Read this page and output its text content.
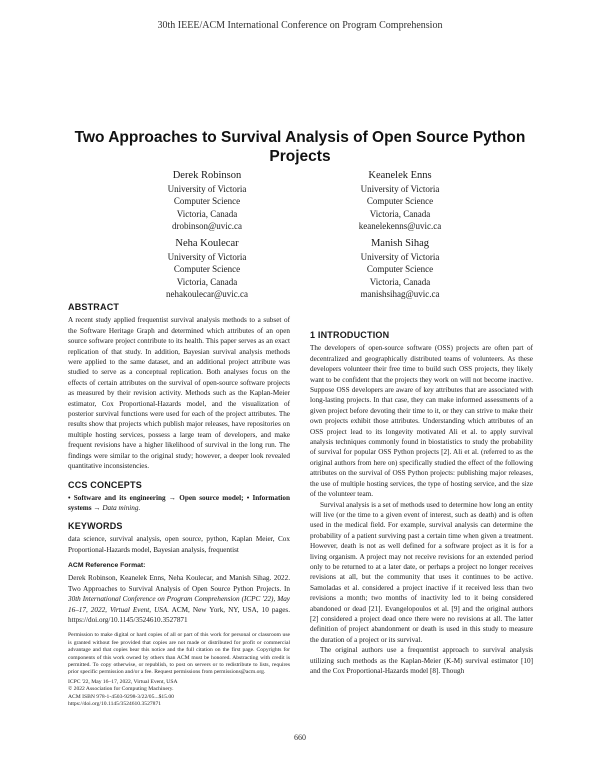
30th IEEE/ACM International Conference on Program Comprehension
Two Approaches to Survival Analysis of Open Source Python Projects
Derek Robinson
University of Victoria
Computer Science
Victoria, Canada
drobinson@uvic.ca
Keanelek Enns
University of Victoria
Computer Science
Victoria, Canada
keanelekenns@uvic.ca
Neha Koulecar
University of Victoria
Computer Science
Victoria, Canada
nehakoulecar@uvic.ca
Manish Sihag
University of Victoria
Computer Science
Victoria, Canada
manishsihag@uvic.ca
ABSTRACT

A recent study applied frequentist survival analysis methods to a subset of the Software Heritage Graph and determined which attributes of an open source software project contribute to its health. This paper serves as an exact replication of that study. In addition, Bayesian survival analysis methods were applied to the same dataset, and an additional project attribute was studied to serve as a conceptual replication. Both analyses focus on the effects of certain attributes on the survival of open-source software projects as measured by their revision activity. Methods such as the Kaplan-Meier estimator, Cox Proportional-Hazards model, and the visualization of posterior survival functions were used for each of the project attributes. The results show that projects which publish major releases, have repositories on multiple hosting services, possess a large team of developers, and make frequent revisions have a higher likelihood of survival in the long run. The findings were similar to the original study; however, a deeper look revealed quantitative inconsistencies.

CCS CONCEPTS

• Software and its engineering → Open source model; • Information systems → Data mining.

KEYWORDS

data science, survival analysis, open source, python, Kaplan Meier, Cox Proportional-Hazards model, Bayesian analysis, frequentist

ACM Reference Format:

Derek Robinson, Keanelek Enns, Neha Koulecar, and Manish Sihag. 2022. Two Approaches to Survival Analysis of Open Source Python Projects. In 30th International Conference on Program Comprehension (ICPC '22), May 16–17, 2022, Virtual Event, USA. ACM, New York, NY, USA, 10 pages. https://doi.org/10.1145/3524610.3527871

Permission to make digital or hard copies of all or part of this work for personal or classroom use is granted without fee provided that copies are not made or distributed for profit or commercial advantage and that copies bear this notice and the full citation on the first page. Copyrights for components of this work owned by others than ACM must be honored. Abstracting with credit is permitted. To copy otherwise, or republish, to post on servers or to redistribute to lists, requires prior specific permission and/or a fee. Request permissions from permissions@acm.org.
ICPC '22, May 16–17, 2022, Virtual Event, USA
© 2022 Association for Computing Machinery.
ACM ISBN 978-1-4503-9298-3/22/05...$15.00
https://doi.org/10.1145/3524610.3527871
1 INTRODUCTION

The developers of open-source software (OSS) projects are often part of decentralized and geographically distributed teams of volunteers. As these developers volunteer their free time to build such OSS projects, they likely want to be confident that the projects they work on will not become inactive. Suppose OSS developers are aware of key attributes that are associated with long-lasting projects. In that case, they can make informed assessments of a given project before devoting their time to it, or they can strive to make their own projects exhibit those attributes. Understanding which attributes of an OSS project lead to its longevity motivated Ali et al. to apply survival analysis techniques commonly found in biostatistics to study the probability of survival for popular OSS Python projects [2]. Ali et al. (referred to as the original authors from here on) specifically studied the effect of the following attributes on the survival of OSS Python projects: publishing major releases, the use of multiple hosting services, the type of hosting service, and the size of the volunteer team.

Survival analysis is a set of methods used to determine how long an entity will live (or the time to a given event of interest, such as death) and is often used in the medical field. For example, survival analysis can determine the probability of a patient surviving past a certain time when given a treatment. However, death is not as well defined for a software project as it is for a living organism. A project may not receive revisions for an extended period only to be returned to at a later date, or perhaps a project no longer receives revisions at all, but the community that uses it continues to be active. Samoladas et al. considered a project inactive if it received less than two revisions a month; two months of inactivity led to it being considered abandoned or dead [21]. Evangelopoulos et al. [9] and the original authors [2] considered a project dead once there were no revisions at all. The latter definition of project abandonment or death is used in this study to measure the duration of a project or its survival.

The original authors use a frequentist approach to survival analysis utilizing such methods as the Kaplan-Meier (K-M) survival estimator [10] and the Cox Proportional-Hazards model [8]. Though

660
